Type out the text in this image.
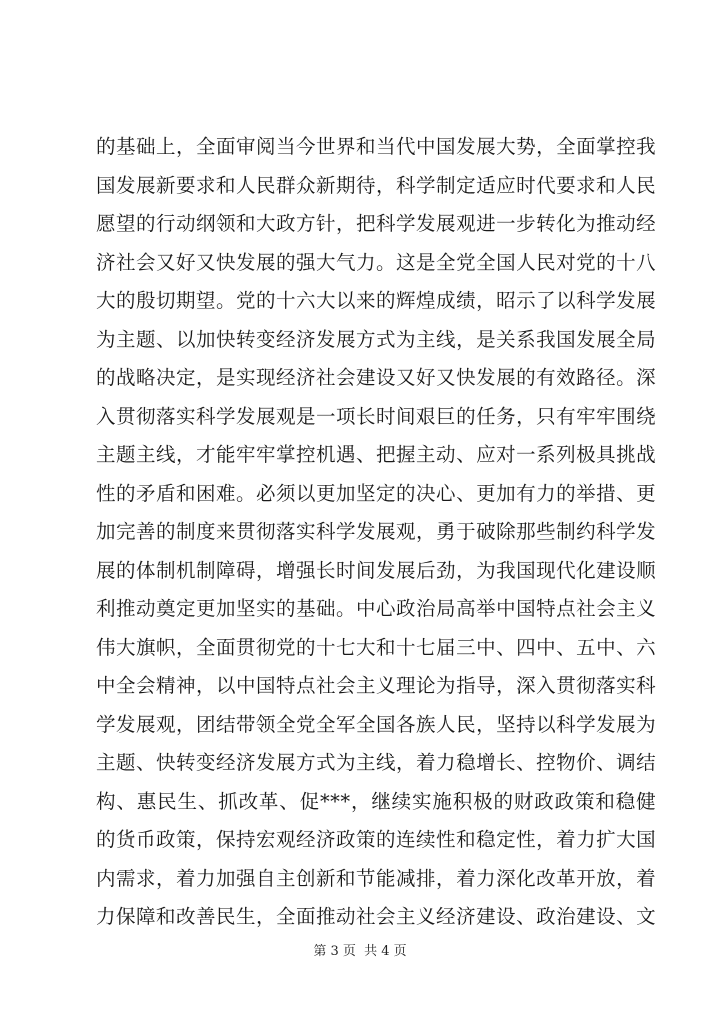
的基础上，全面审阅当今世界和当代中国发展大势，全面掌控我
国发展新要求和人民群众新期待，科学制定适应时代要求和人民
愿望的行动纲领和大政方针，把科学发展观进一步转化为推动经
济社会又好又快发展的强大气力。这是全党全国人民对党的十八
大的殷切期望。党的十六大以来的辉煌成绩，昭示了以科学发展
为主题、以加快转变经济发展方式为主线，是关系我国发展全局
的战略决定，是实现经济社会建设又好又快发展的有效路径。深
入贯彻落实科学发展观是一项长时间艰巨的任务，只有牢牢围绕
主题主线，才能牢牢掌控机遇、把握主动、应对一系列极具挑战
性的矛盾和困难。必须以更加坚定的决心、更加有力的举措、更
加完善的制度来贯彻落实科学发展观，勇于破除那些制约科学发
展的体制机制障碍，增强长时间发展后劲，为我国现代化建设顺
利推动奠定更加坚实的基础。中心政治局高举中国特点社会主义
伟大旗帜，全面贯彻党的十七大和十七届三中、四中、五中、六
中全会精神，以中国特点社会主义理论为指导，深入贯彻落实科
学发展观，团结带领全党全军全国各族人民，坚持以科学发展为
主题、快转变经济发展方式为主线，着力稳增长、控物价、调结
构、惠民生、抓改革、促***，继续实施积极的财政政策和稳健
的货币政策，保持宏观经济政策的连续性和稳定性，着力扩大国
内需求，着力加强自主创新和节能减排，着力深化改革开放，着
力保障和改善民生，全面推动社会主义经济建设、政治建设、文
第 3 页  共 4 页
